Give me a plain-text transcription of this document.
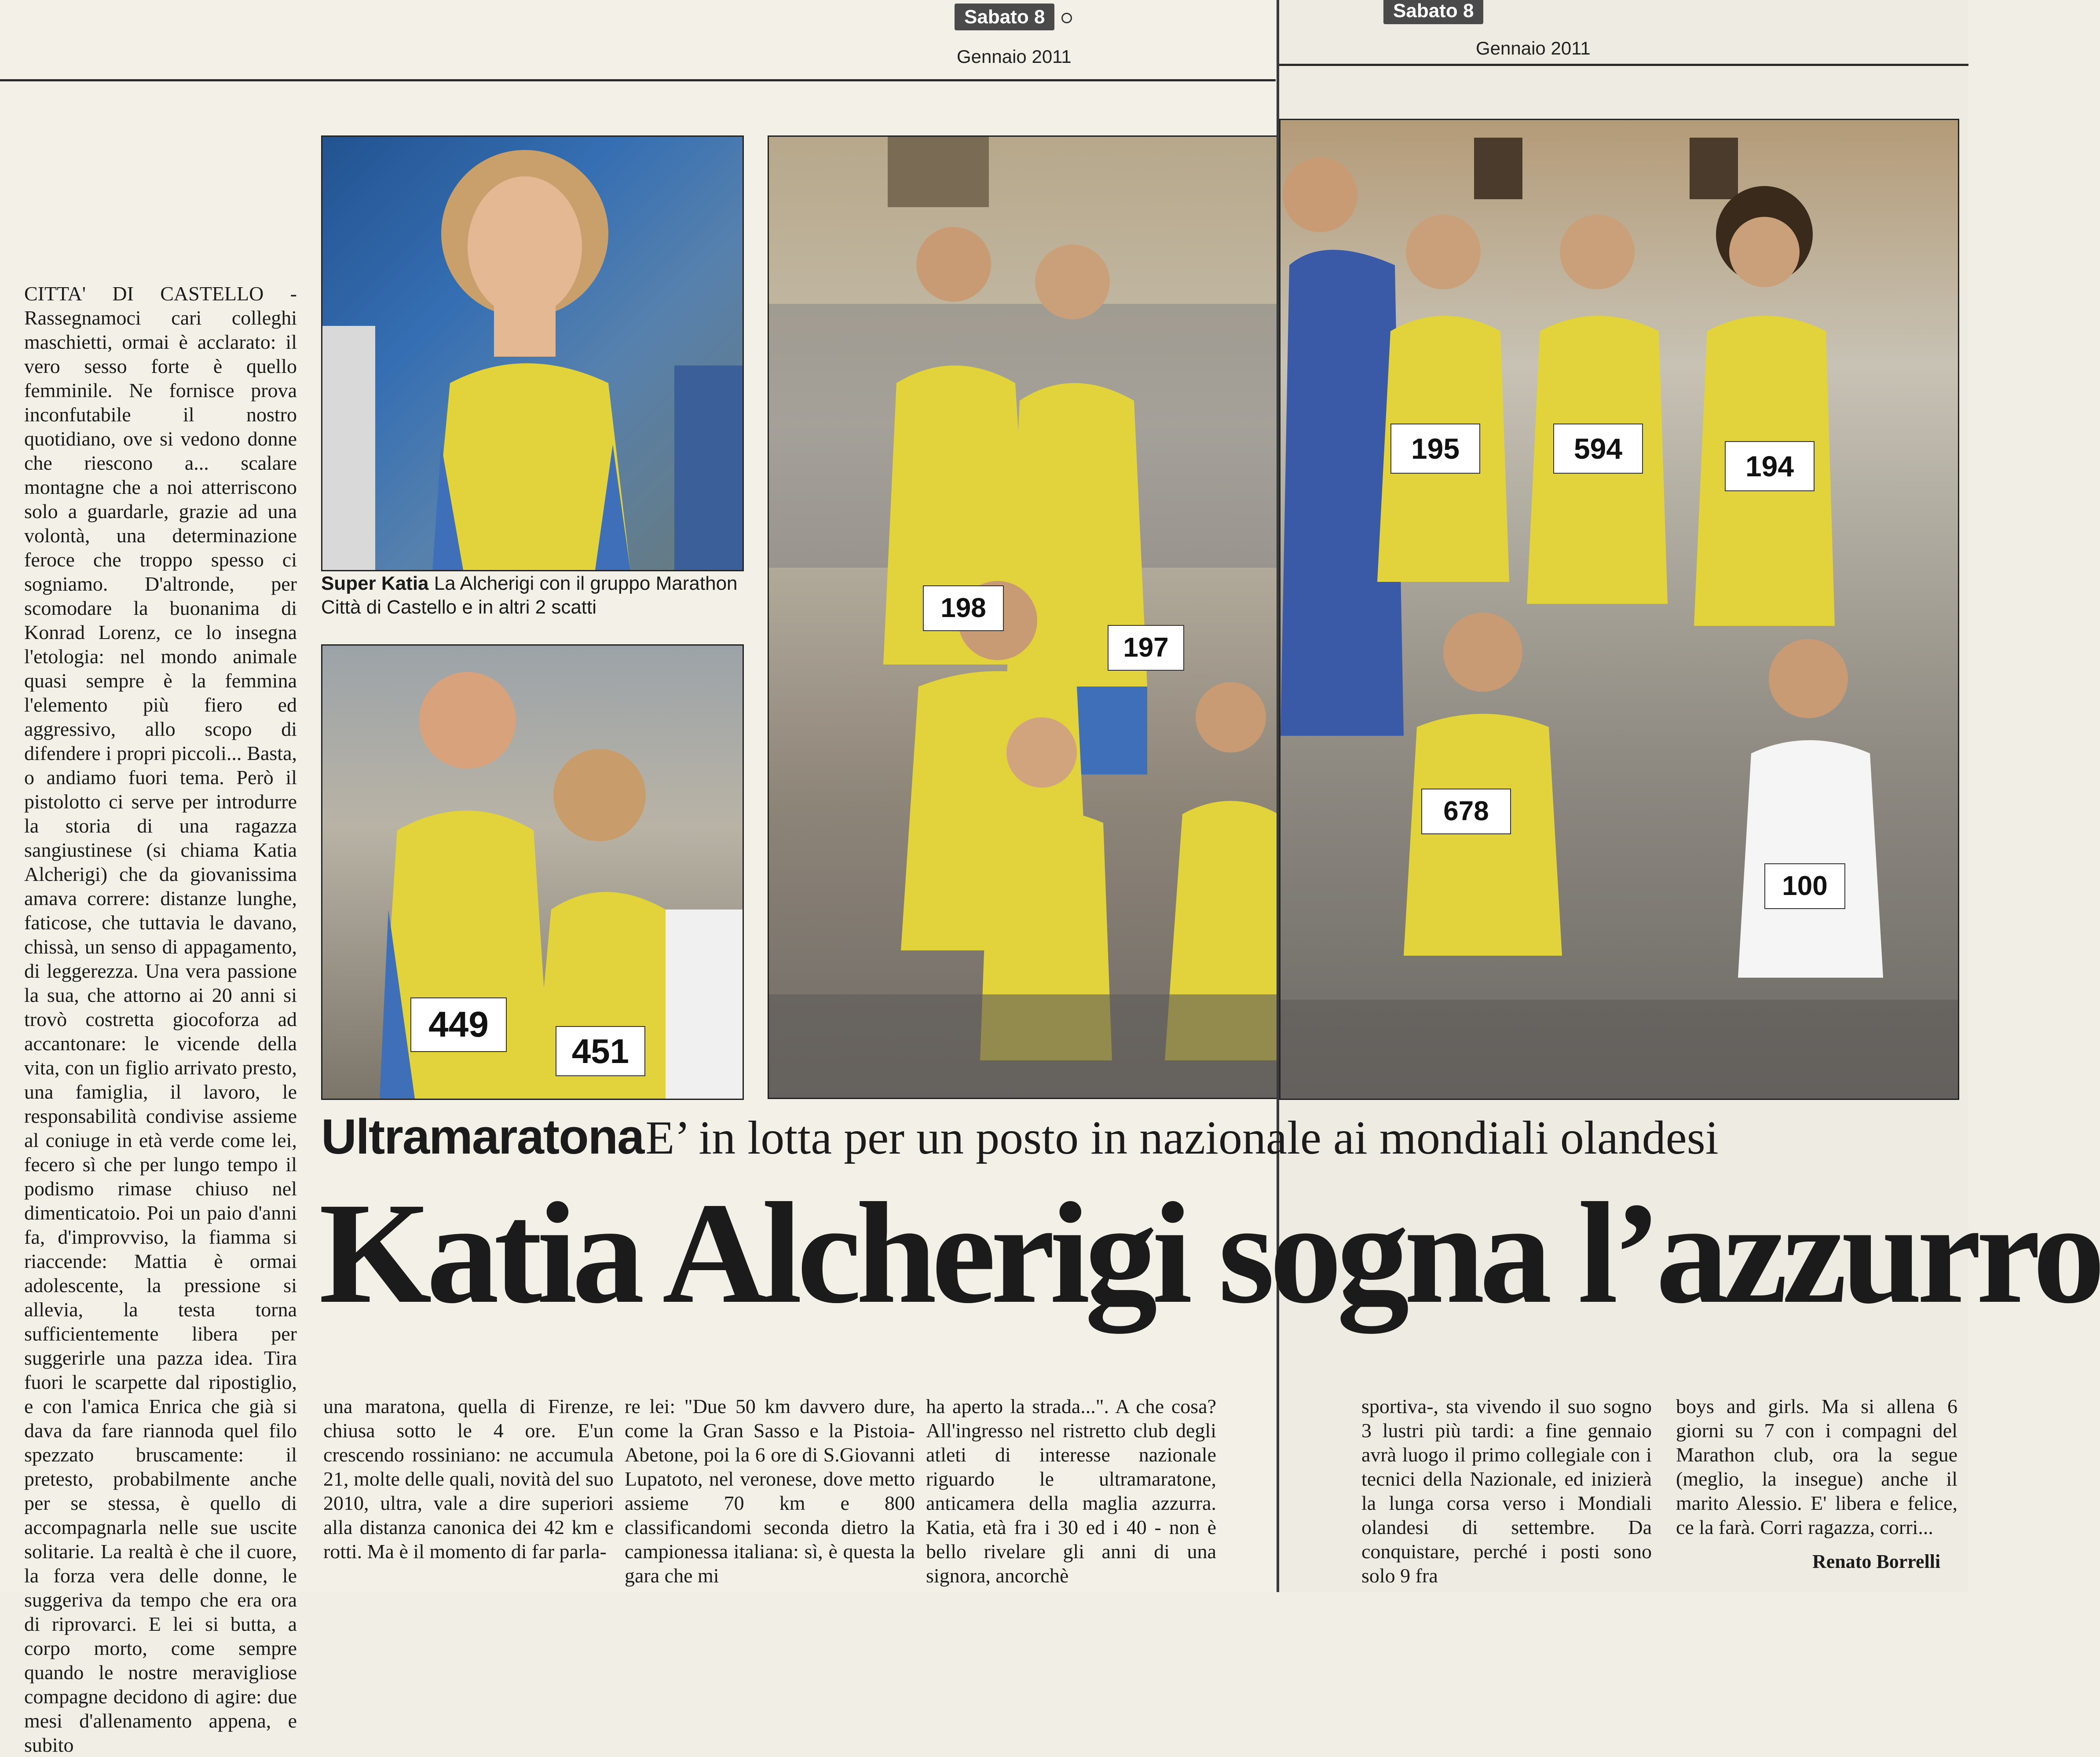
Sabato 8
Gennaio 2011
Sabato 8
Gennaio 2011

CITTA' DI CASTELLO - Rassegnamoci cari colleghi maschietti, ormai è acclarato: il vero sesso forte è quello femminile. Ne fornisce prova inconfutabile il nostro quotidiano, ove si vedono donne che riescono a... scalare montagne che a noi atterriscono solo a guardarle, grazie ad una volontà, una determinazione feroce che troppo spesso ci sogniamo. D'altronde, per scomodare la buonanima di Konrad Lorenz, ce lo insegna l'etologia: nel mondo animale quasi sempre è la femmina l'elemento più fiero ed aggressivo, allo scopo di difendere i propri piccoli... Basta, o andiamo fuori tema. Però il pistolotto ci serve per introdurre la storia di una ragazza sangiustinese (si chiama Katia Alcherigi) che da giovanissima amava correre: distanze lunghe, faticose, che tuttavia le davano, chissà, un senso di appagamento, di leggerezza. Una vera passione la sua, che attorno ai 20 anni si trovò costretta giocoforza ad accantonare: le vicende della vita, con un figlio arrivato presto, una famiglia, il lavoro, le responsabilità condivise assieme al coniuge in età verde come lei, fecero sì che per lungo tempo il podismo rimase chiuso nel dimenticatoio. Poi un paio d'anni fa, d'improvviso, la fiamma si riaccende: Mattia è ormai adolescente, la pressione si allevia, la testa torna sufficientemente libera per suggerirle una pazza idea. Tira fuori le scarpette dal ripostiglio, e con l'amica Enrica che già si dava da fare riannoda quel filo spezzato bruscamente: il pretesto, probabilmente anche per se stessa, è quello di accompagnarla nelle sue uscite solitarie. La realtà è che il cuore, la forza vera delle donne, le suggeriva da tempo che era ora di riprovarci. E lei si butta, a corpo morto, come sempre quando le nostre meravigliose compagne decidono di agire: due mesi d'allenamento appena, e subito

Super Katia La Alcherigi con il gruppo Marathon Città di Castello e in altri 2 scatti
449
451
198
197
195	594
194
678
100
Ultramaratona E’ in lotta per un posto in nazionale ai mondiali olandesi
Katia Alcherigi sogna l’azzurro

una maratona, quella di Firenze, chiusa sotto le 4 ore. E'un crescendo rossiniano: ne accumula 21, molte delle quali, novità del suo 2010, ultra, vale a dire superiori alla distanza canonica dei 42 km e rotti. Ma è il momento di far parla-

re lei: "Due 50 km davvero dure, come la Gran Sasso e la Pistoia-Abetone, poi la 6 ore di S.Giovanni Lupatoto, nel veronese, dove metto assieme 70 km e 800 classificandomi seconda dietro la campionessa italiana: sì, è questa la gara che mi

ha aperto la strada...". A che cosa? All'ingresso nel ristretto club degli atleti di interesse nazionale riguardo le ultramaratone, anticamera della maglia azzurra. Katia, età fra i 30 ed i 40 - non è bello rivelare gli anni di una signora, ancorchè

sportiva-, sta vivendo il suo sogno 3 lustri più tardi: a fine gennaio avrà luogo il primo collegiale con i tecnici della Nazionale, ed inizierà la lunga corsa verso i Mondiali olandesi di settembre. Da conquistare, perché i posti sono solo 9 fra

boys and girls. Ma si allena 6 giorni su 7 con i compagni del Marathon club, ora la segue (meglio, la insegue) anche il marito Alessio. E' libera e felice, ce la farà. Corri ragazza, corri...

Renato Borrelli
